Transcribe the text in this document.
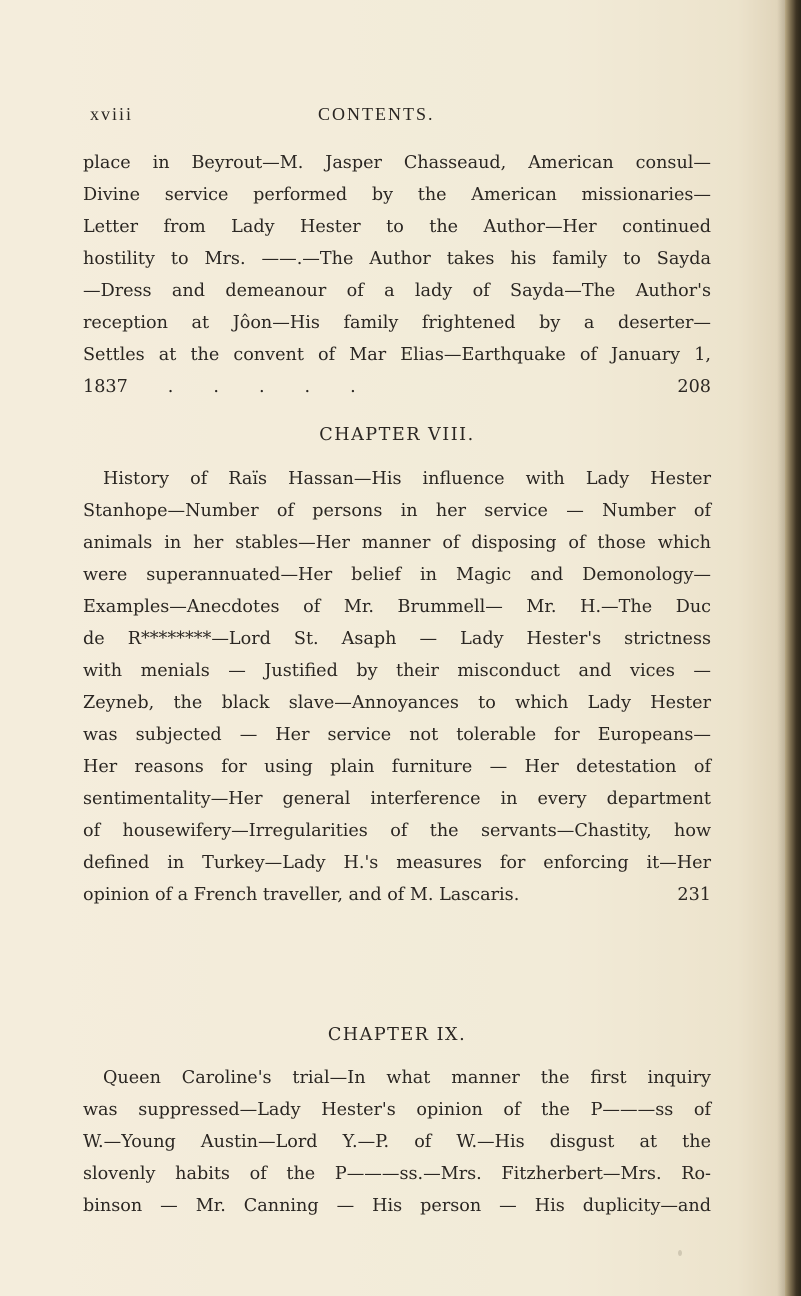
xviii	CONTENTS.
place in Beyrout—M. Jasper Chasseaud, American consul—
Divine service performed by the American missionaries—
Letter from Lady Hester to the Author—Her continued
hostility to Mrs. ——.—The Author takes his family to Sayda
—Dress and demeanour of a lady of Sayda—The Author's
reception at Jôon—His family frightened by a deserter—
Settles at the convent of Mar Elias—Earthquake of January 1,
1837	.....	208
CHAPTER VIII.
History of Raïs Hassan—His influence with Lady Hester
Stanhope—Number of persons in her service — Number of
animals in her stables—Her manner of disposing of those which
were superannuated—Her belief in Magic and Demonology—
Examples—Anecdotes of Mr. Brummell— Mr. H.—The Duc
de R********—Lord St. Asaph — Lady Hester's strictness
with menials — Justified by their misconduct and vices —
Zeyneb, the black slave—Annoyances to which Lady Hester
was subjected — Her service not tolerable for Europeans—
Her reasons for using plain furniture — Her detestation of
sentimentality—Her general interference in every department
of housewifery—Irregularities of the servants—Chastity, how
defined in Turkey—Lady H.'s measures for enforcing it—Her
opinion of a French traveller, and of M. Lascaris .	231
CHAPTER IX.
Queen Caroline's trial—In what manner the first inquiry
was suppressed—Lady Hester's opinion of the P———ss of
W.—Young Austin—Lord Y.—P. of W.—His disgust at the
slovenly habits of the P———ss.—Mrs. Fitzherbert—Mrs. Ro-
binson — Mr. Canning — His person — His duplicity—and
